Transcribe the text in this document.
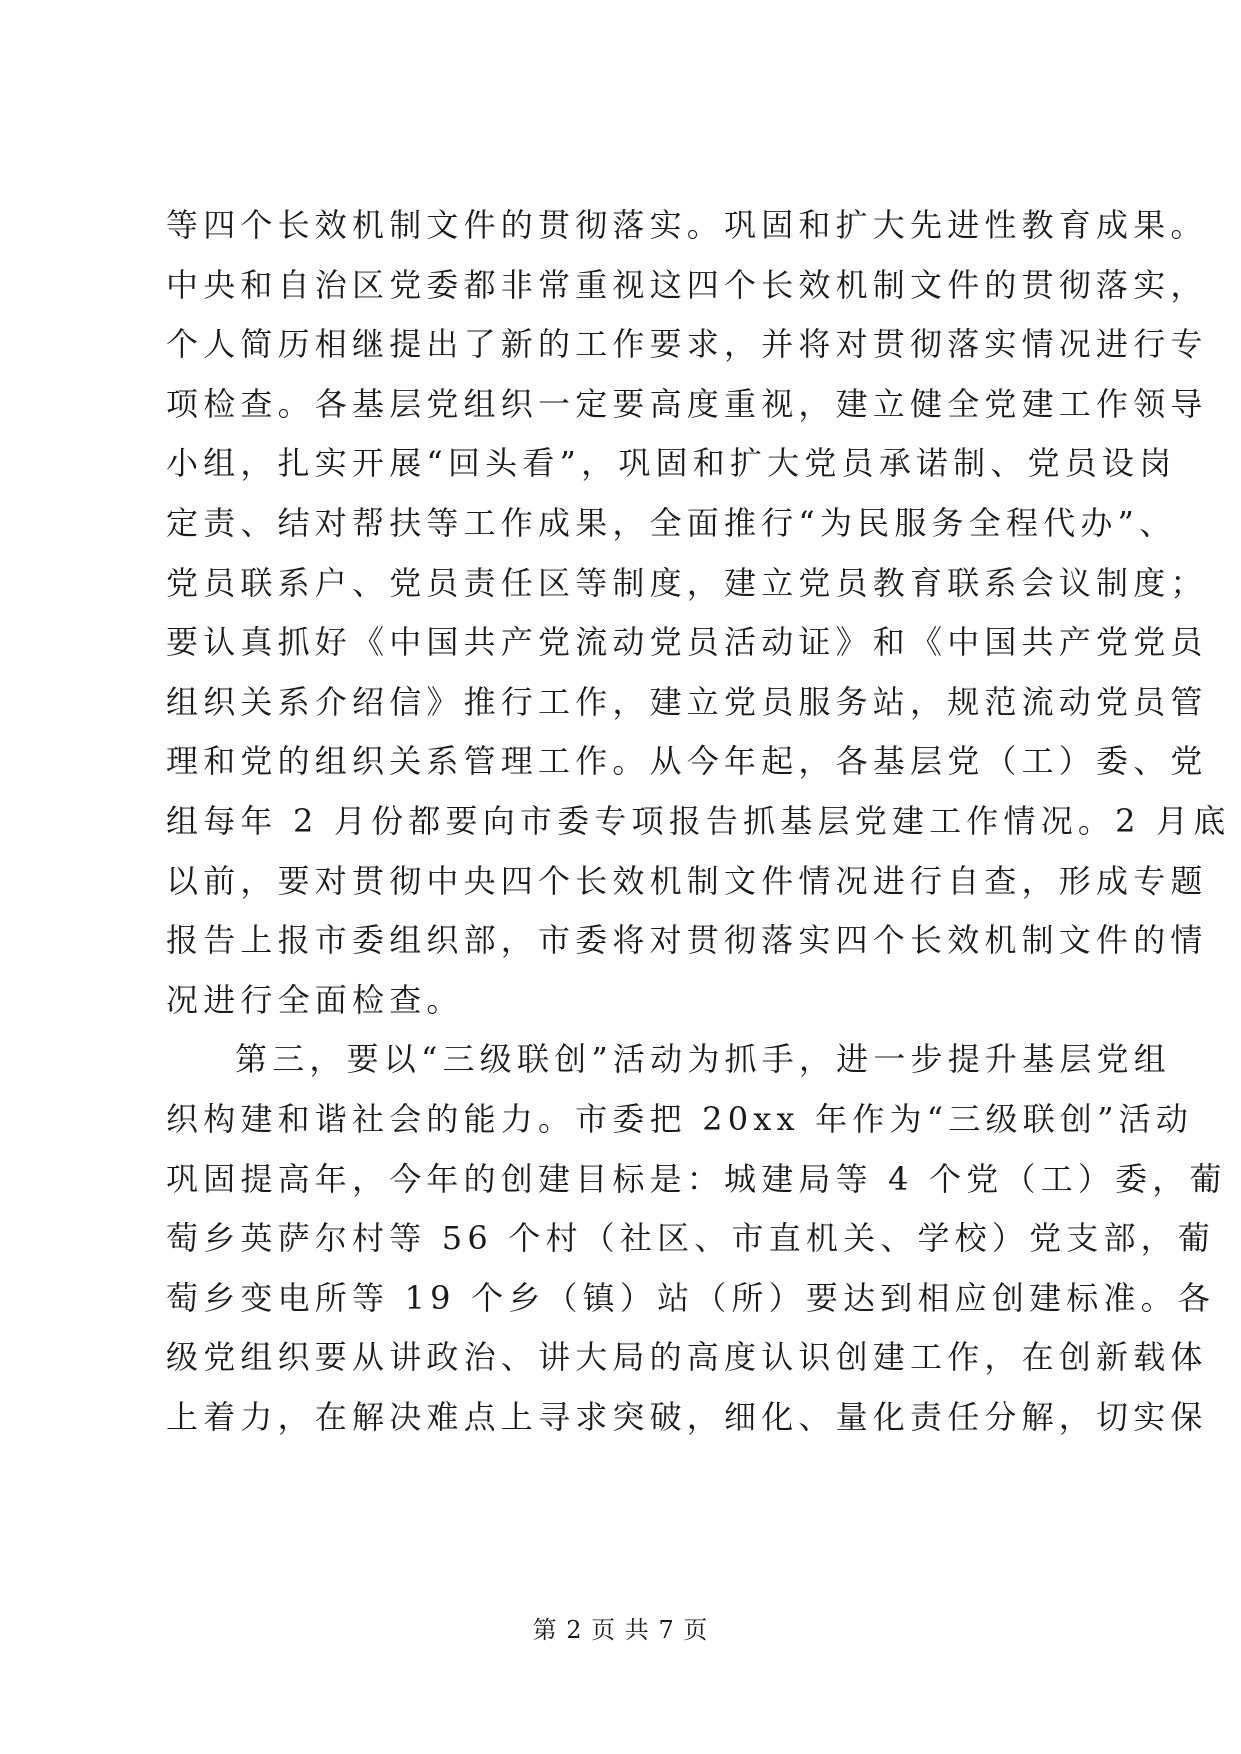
等四个长效机制文件的贯彻落实。巩固和扩大先进性教育成果。
中央和自治区党委都非常重视这四个长效机制文件的贯彻落实，
个人简历相继提出了新的工作要求，并将对贯彻落实情况进行专
项检查。各基层党组织一定要高度重视，建立健全党建工作领导
小组，扎实开展“回头看”，巩固和扩大党员承诺制、党员设岗
定责、结对帮扶等工作成果，全面推行“为民服务全程代办”、
党员联系户、党员责任区等制度，建立党员教育联系会议制度；
要认真抓好《中国共产党流动党员活动证》和《中国共产党党员
组织关系介绍信》推行工作，建立党员服务站，规范流动党员管
理和党的组织关系管理工作。从今年起，各基层党（工）委、党
组每年 2 月份都要向市委专项报告抓基层党建工作情况。2 月底
以前，要对贯彻中央四个长效机制文件情况进行自查，形成专题
报告上报市委组织部，市委将对贯彻落实四个长效机制文件的情
况进行全面检查。
第三，要以“三级联创”活动为抓手，进一步提升基层党组
织构建和谐社会的能力。市委把 20xx 年作为“三级联创”活动
巩固提高年，今年的创建目标是：城建局等 4 个党（工）委，葡
萄乡英萨尔村等 56 个村（社区、市直机关、学校）党支部，葡
萄乡变电所等 19 个乡（镇）站（所）要达到相应创建标准。各
级党组织要从讲政治、讲大局的高度认识创建工作，在创新载体
上着力，在解决难点上寻求突破，细化、量化责任分解，切实保
第 2 页 共 7 页
